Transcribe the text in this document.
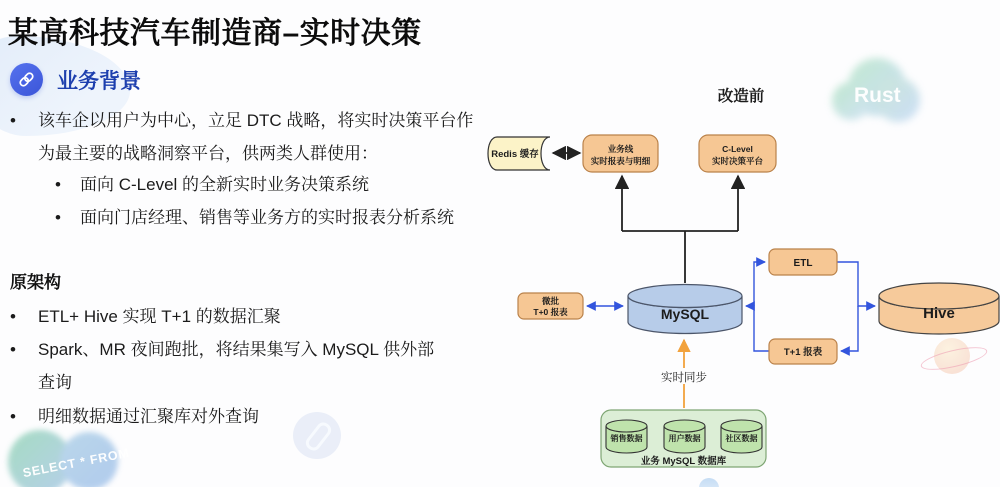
Rust
SELECT * FROM
某高科技汽车制造商–实时决策
业务背景
•
该车企以用户为中心，立足 DTC 战略，将实时决策平台作
为最主要的战略洞察平台，供两类人群使用：
•
面向 C-Level 的全新实时业务决策系统
•
面向门店经理、销售等业务方的实时报表分析系统
原架构
•
ETL+ Hive 实现 T+1 的数据汇聚
•
Spark、MR 夜间跑批，将结果集写入 MySQL 供外部
查询
•
明细数据通过汇聚库对外查询
改造前
Redis 缓存	业务线
实时报表与明细
C-Level
实时决策平台
ETL
T+1 报表
微批
T+0 报表	MySQL	Hive
实时同步
销售数据	用户数据	社区数据
业务 MySQL 数据库
